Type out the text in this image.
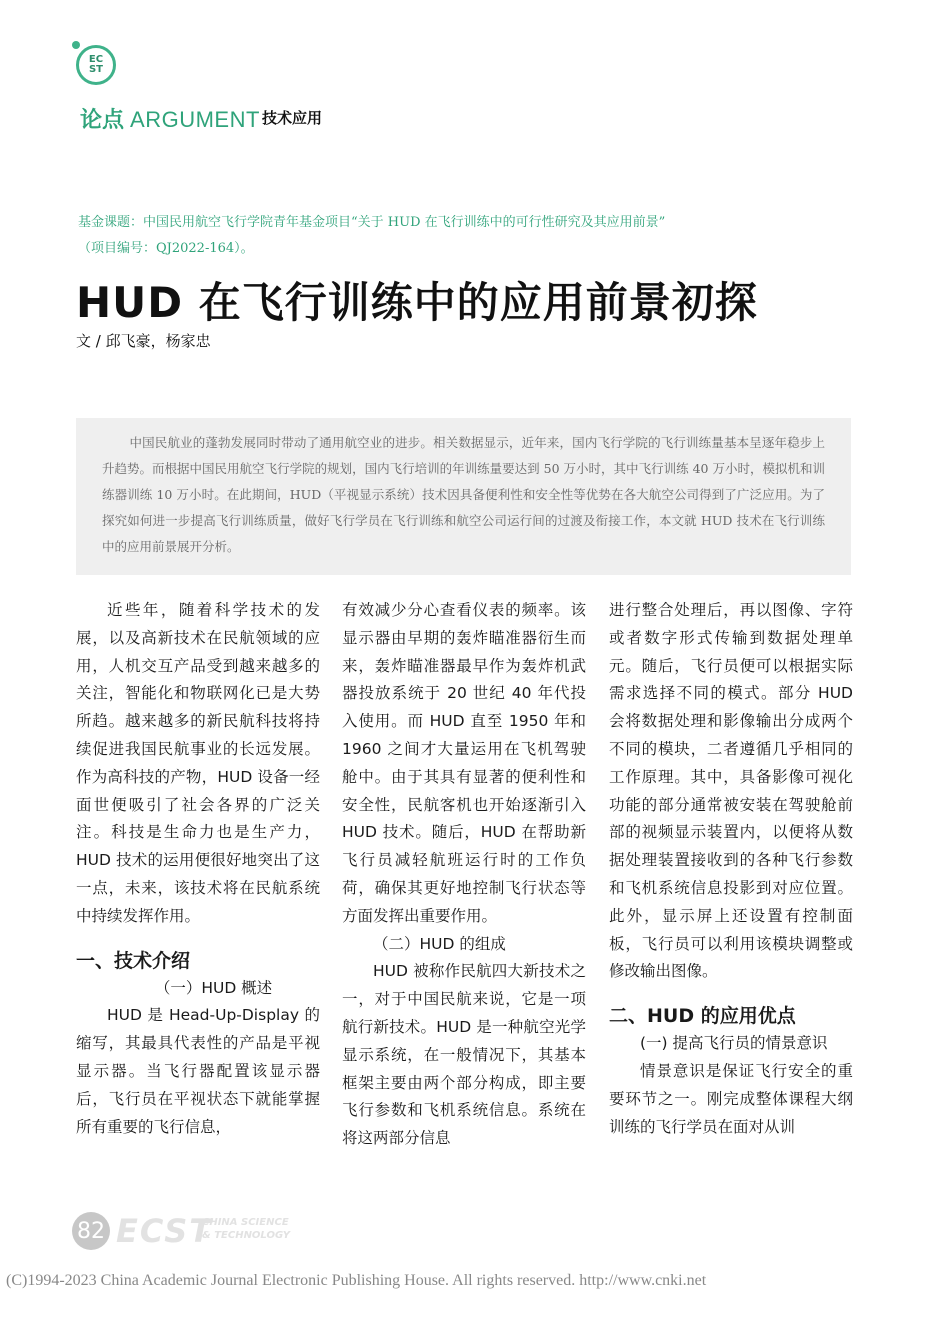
EC
ST
论点 ARGUMENT 技术应用
基金课题：中国民用航空飞行学院青年基金项目“关于 HUD 在飞行训练中的可行性研究及其应用前景”
（项目编号：QJ2022-164）。
HUD 在飞行训练中的应用前景初探
文 / 邱飞豪，杨家忠

中国民航业的蓬勃发展同时带动了通用航空业的进步。相关数据显示，近年来，国内飞行学院的飞行训练量基本呈逐年稳步上升趋势。而根据中国民用航空飞行学院的规划，国内飞行培训的年训练量要达到 50 万小时，其中飞行训练 40 万小时，模拟机和训练器训练 10 万小时。在此期间，HUD（平视显示系统）技术因具备便利性和安全性等优势在各大航空公司得到了广泛应用。为了探究如何进一步提高飞行训练质量，做好飞行学员在飞行训练和航空公司运行间的过渡及衔接工作，本文就 HUD 技术在飞行训练中的应用前景展开分析。

近些年，随着科学技术的发展，以及高新技术在民航领域的应用，人机交互产品受到越来越多的关注，智能化和物联网化已是大势所趋。越来越多的新民航科技将持续促进我国民航事业的长远发展。作为高科技的产物，HUD 设备一经面世便吸引了社会各界的广泛关注。科技是生命力也是生产力，HUD 技术的运用便很好地突出了这一点，未来，该技术将在民航系统中持续发挥作用。

一、技术介绍

（一）HUD 概述

HUD 是 Head-Up-Display 的缩写，其最具代表性的产品是平视显示器。当飞行器配置该显示器后，飞行员在平视状态下就能掌握所有重要的飞行信息，

有效减少分心查看仪表的频率。该显示器由早期的轰炸瞄准器衍生而来，轰炸瞄准器最早作为轰炸机武器投放系统于 20 世纪 40 年代投入使用。而 HUD 直至 1950 年和 1960 之间才大量运用在飞机驾驶舱中。由于其具有显著的便利性和安全性，民航客机也开始逐渐引入 HUD 技术。随后，HUD 在帮助新飞行员减轻航班运行时的工作负荷，确保其更好地控制飞行状态等方面发挥出重要作用。

（二）HUD 的组成

HUD 被称作民航四大新技术之一，对于中国民航来说，它是一项航行新技术。HUD 是一种航空光学显示系统，在一般情况下，其基本框架主要由两个部分构成，即主要飞行参数和飞机系统信息。系统在将这两部分信息

进行整合处理后，再以图像、字符或者数字形式传输到数据处理单元。随后，飞行员便可以根据实际需求选择不同的模式。部分 HUD 会将数据处理和影像输出分成两个不同的模块，二者遵循几乎相同的工作原理。其中，具备影像可视化功能的部分通常被安装在驾驶舱前部的视频显示装置内，以便将从数据处理装置接收到的各种飞行参数和飞机系统信息投影到对应位置。此外，显示屏上还设置有控制面板，飞行员可以利用该模块调整或修改输出图像。

二、HUD 的应用优点

(一) 提高飞行员的情景意识

情景意识是保证飞行安全的重要环节之一。刚完成整体课程大纲训练的飞行学员在面对从训

82 ECST
CHINA SCIENCE
& TECHNOLOGY
(C)1994-2023 China Academic Journal Electronic Publishing House. All rights reserved. http://www.cnki.net
